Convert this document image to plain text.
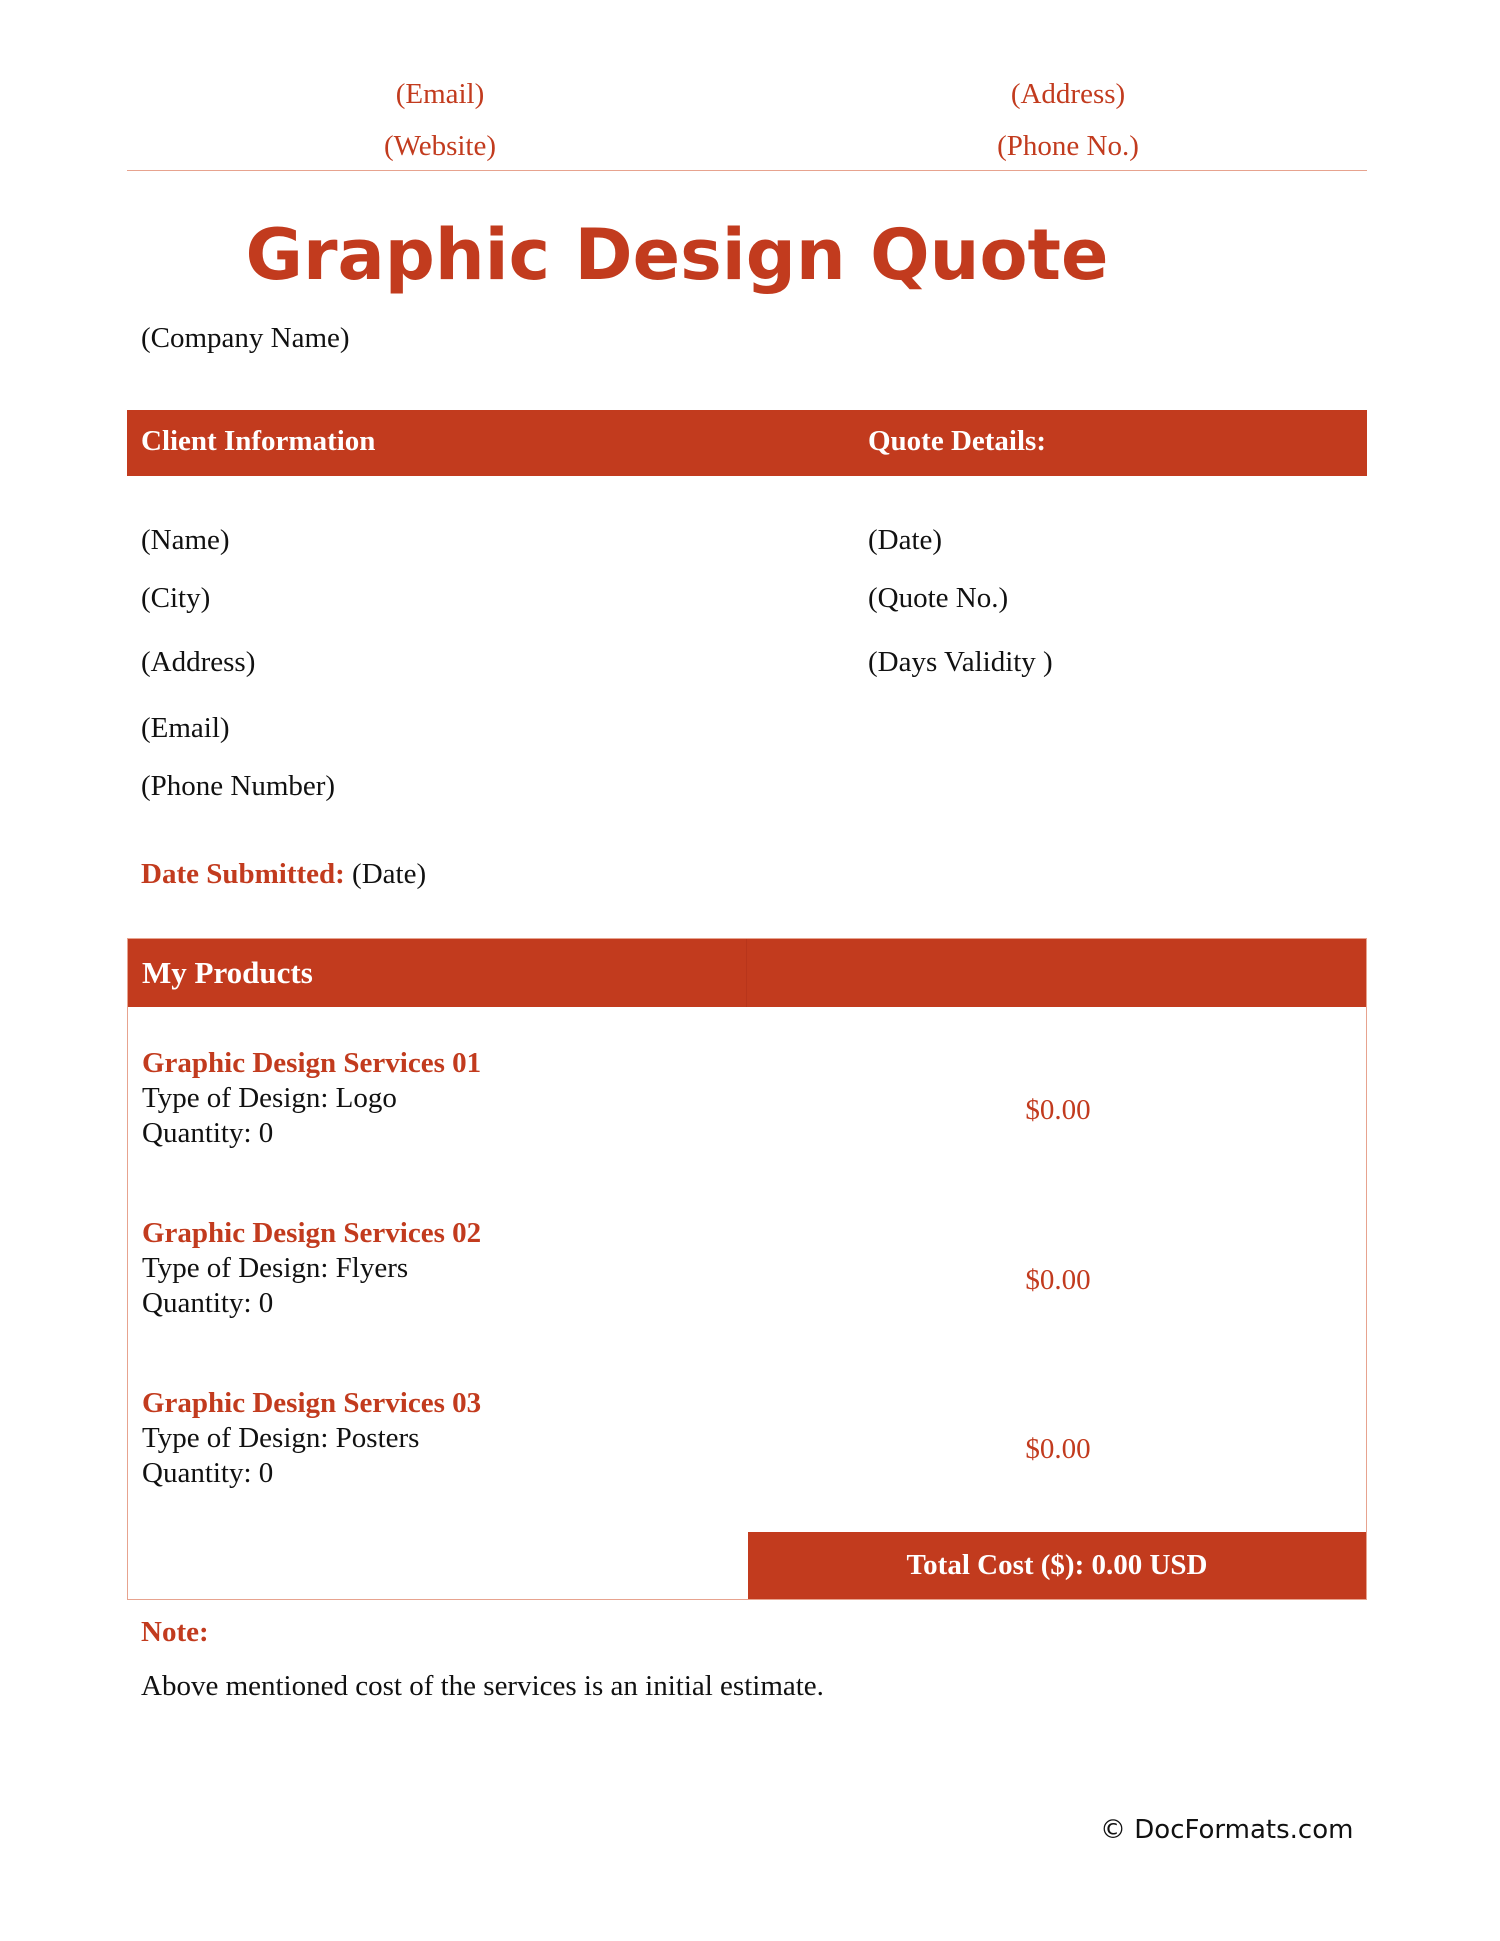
(Email)
(Website)
(Address)
(Phone No.)
Graphic Design Quote
(Company Name)
Client Information	Quote Details:
(Name)
(City)
(Address)
(Email)
(Phone Number)
(Date)
(Quote No.)
(Days Validity )
Date Submitted: (Date)
My Products
Graphic Design Services 01
Type of Design: Logo
Quantity: 0
$0.00
Graphic Design Services 02
Type of Design: Flyers
Quantity: 0
$0.00
Graphic Design Services 03
Type of Design: Posters
Quantity: 0
$0.00
Total Cost ($): 0.00 USD
Note:
Above mentioned cost of the services is an initial estimate.
© DocFormats.com
